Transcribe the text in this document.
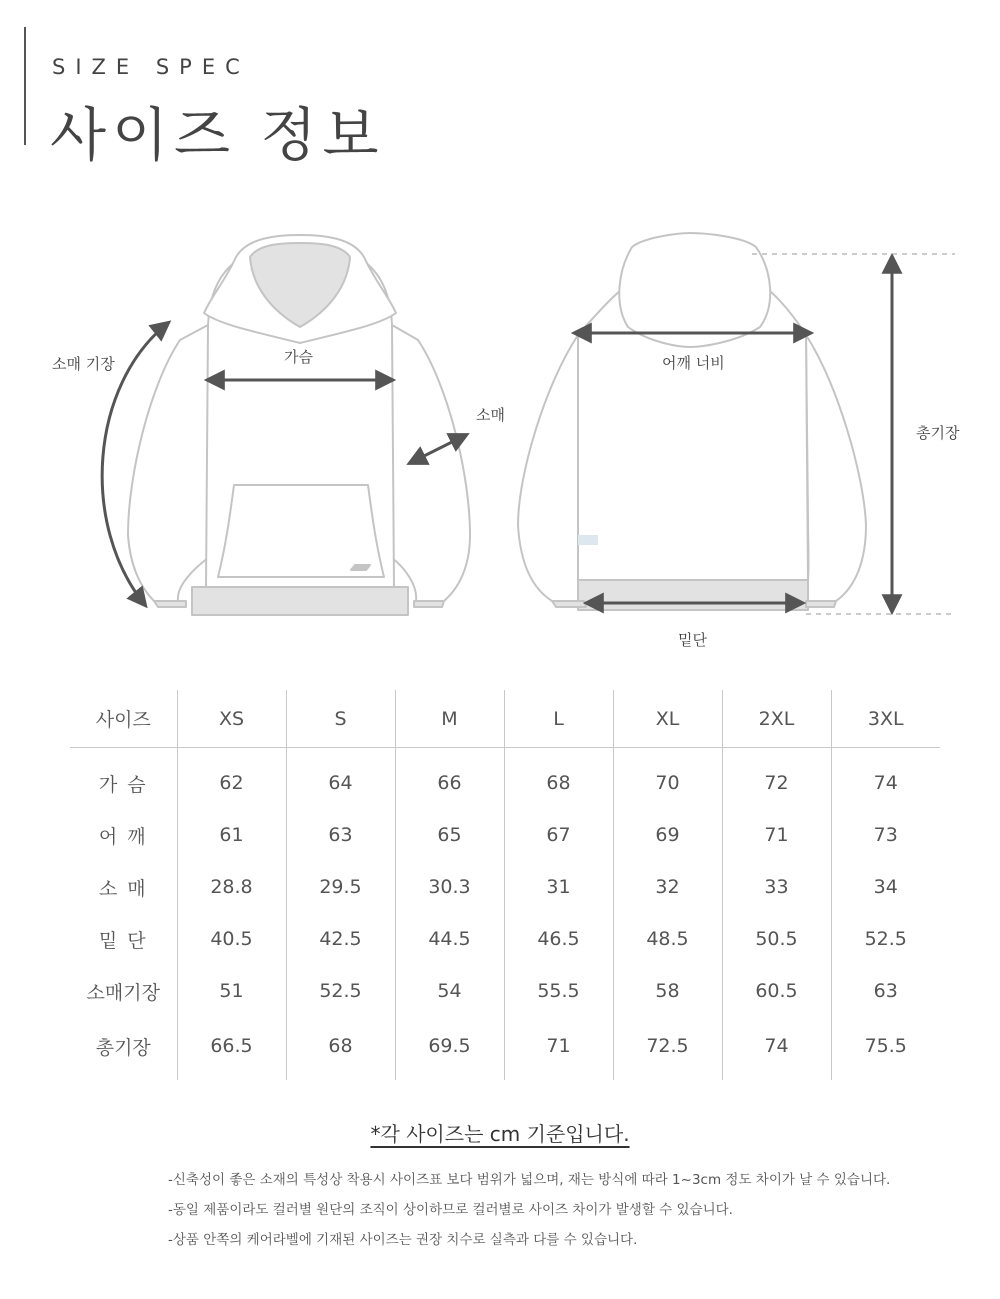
SIZE SPEC
사이즈 정보
소매 기장	가슴
소매
어깨 너비
총기장
밑단
사이즈	XS	S	M	L	XL	2XL	3XL
가 슴	62	64	66	68	70	72	74
어 깨	61	63	65	67	69	71	73
소 매	28.8	29.5	30.3	31	32	33	34
밑 단	40.5	42.5	44.5	46.5	48.5	50.5	52.5
소매기장	51	52.5	54	55.5	58	60.5	63
총기장	66.5	68	69.5	71	72.5	74	75.5
*각 사이즈는 cm 기준입니다.
-신축성이 좋은 소재의 특성상 착용시 사이즈표 보다 범위가 넓으며, 재는 방식에 따라 1~3cm 정도 차이가 날 수 있습니다.
-동일 제품이라도 컬러별 원단의 조직이 상이하므로 컬러별로 사이즈 차이가 발생할 수 있습니다.
-상품 안쪽의 케어라벨에 기재된 사이즈는 권장 치수로 실측과 다를 수 있습니다.
